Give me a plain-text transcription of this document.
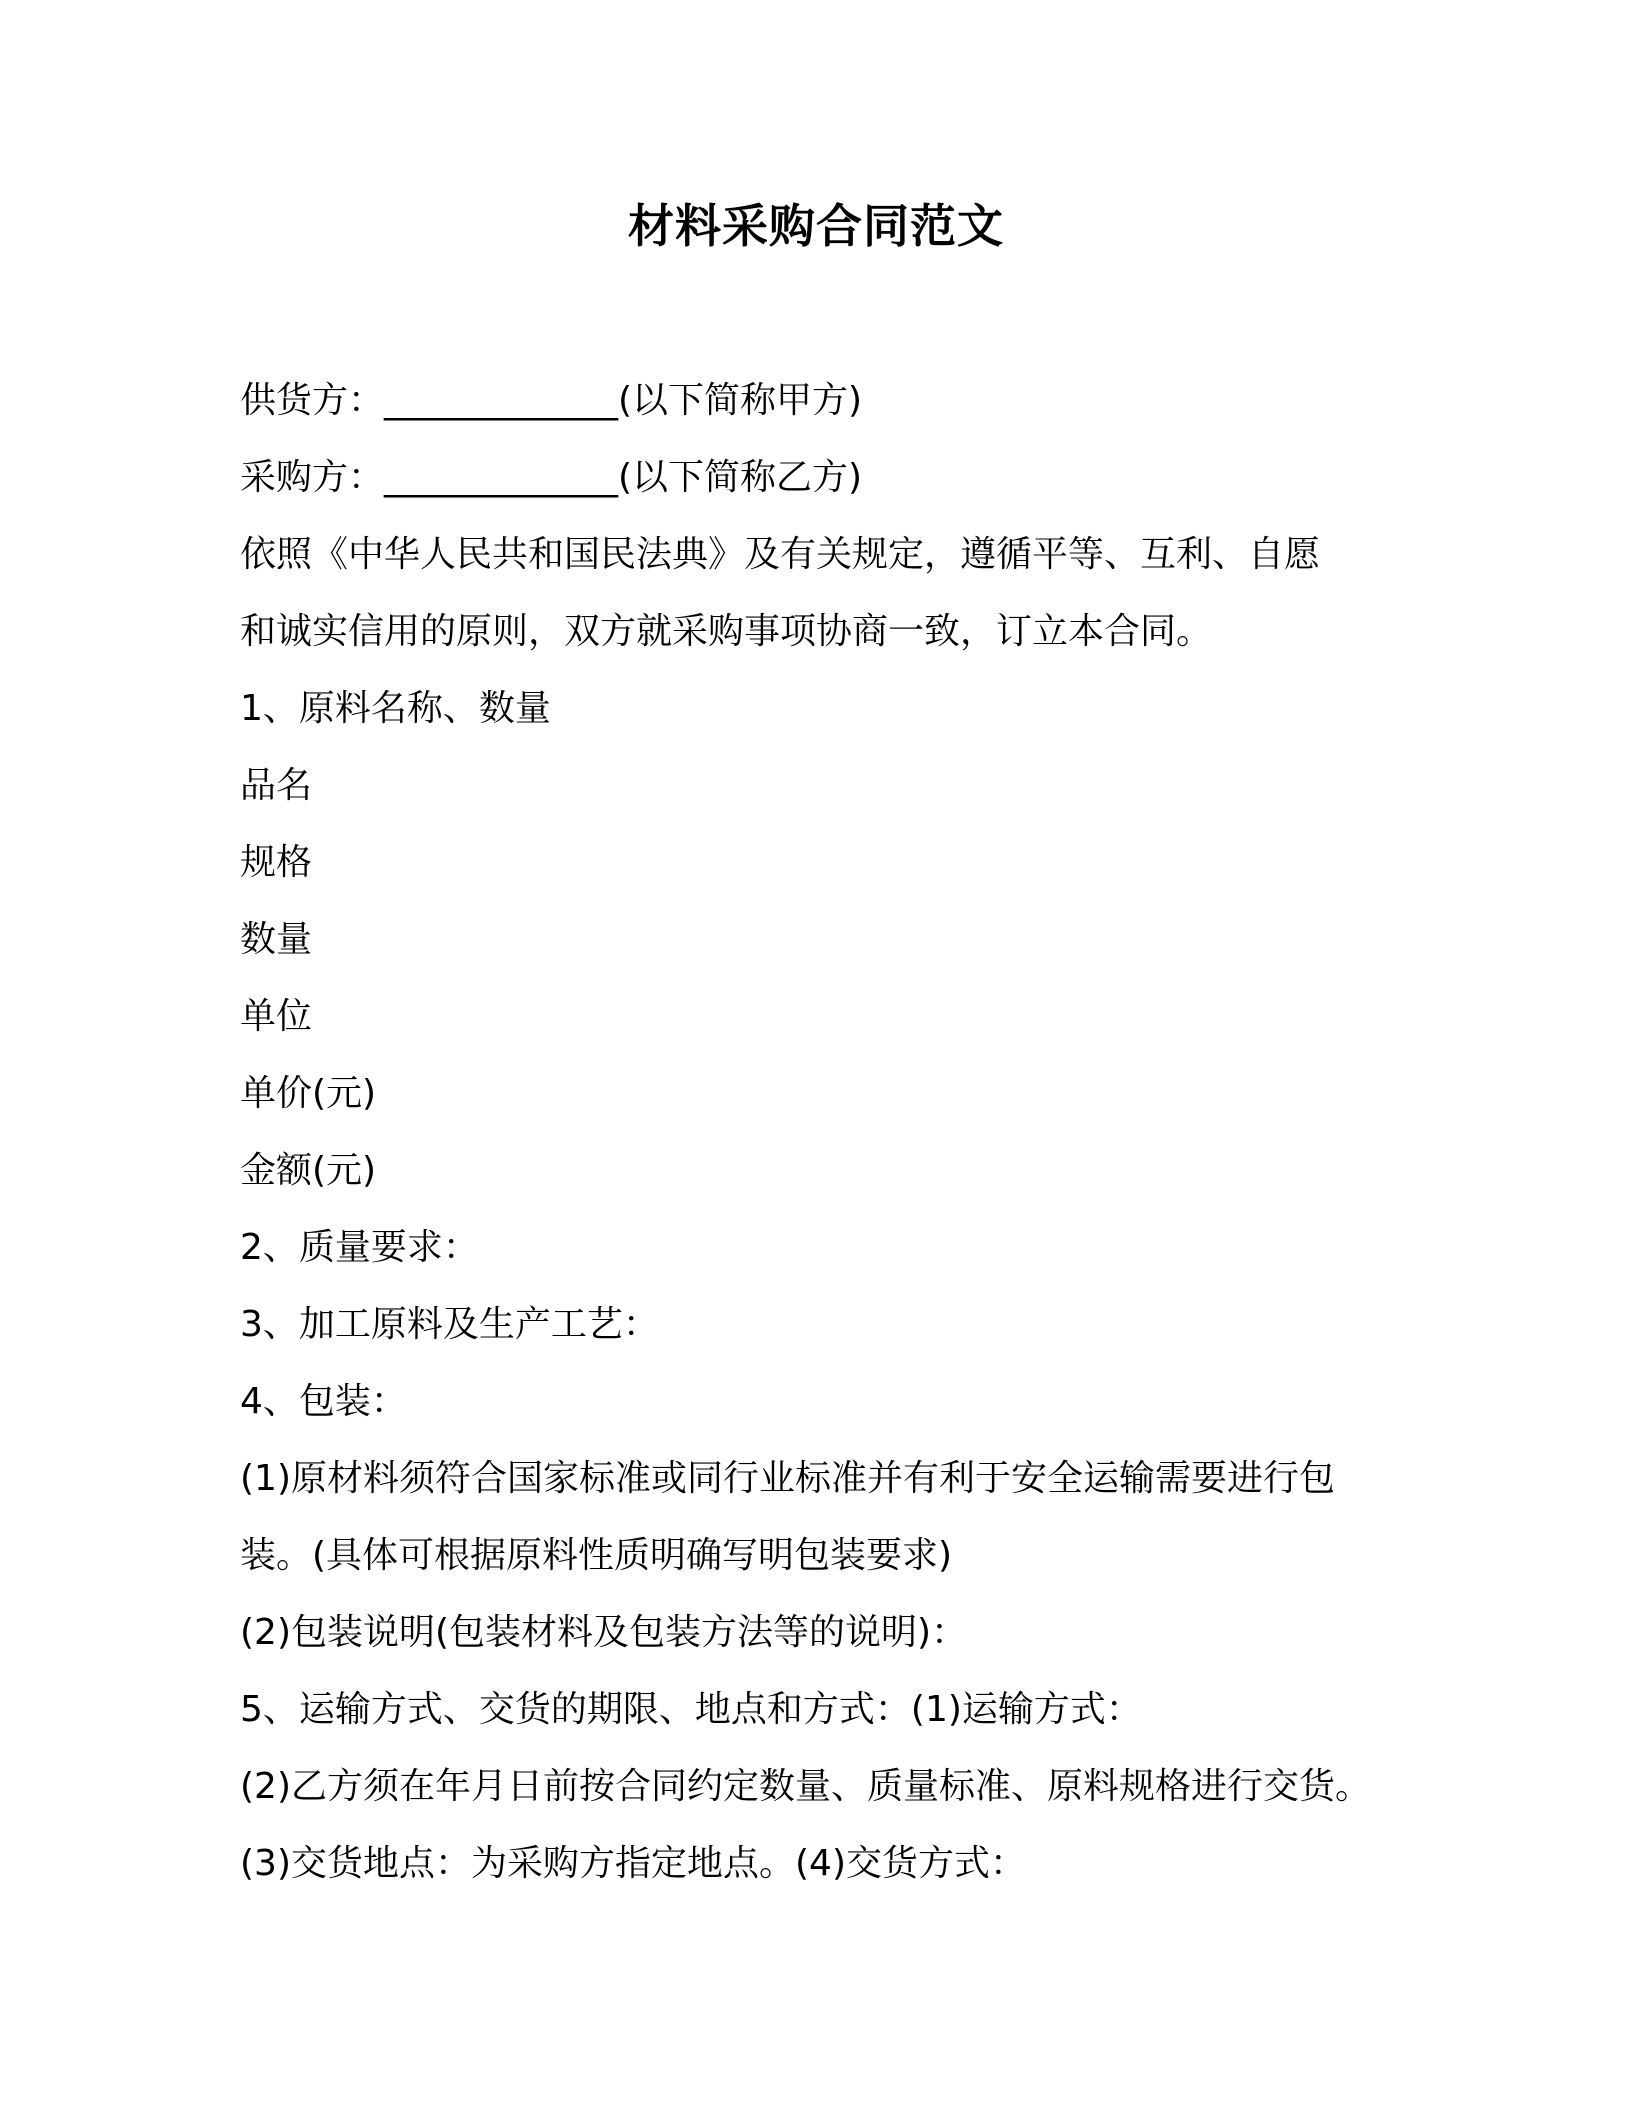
材料采购合同范文
供货方：_____________(以下简称甲方)
采购方：_____________(以下简称乙方)
依照《中华人民共和国民法典》及有关规定，遵循平等、互利、自愿
和诚实信用的原则，双方就采购事项协商一致，订立本合同。
1、原料名称、数量
品名
规格
数量
单位
单价(元)
金额(元)
2、质量要求：
3、加工原料及生产工艺：
4、包装：
(1)原材料须符合国家标准或同行业标准并有利于安全运输需要进行包
装。(具体可根据原料性质明确写明包装要求)
(2)包装说明(包装材料及包装方法等的说明)：
5、运输方式、交货的期限、地点和方式：(1)运输方式：
(2)乙方须在年月日前按合同约定数量、质量标准、原料规格进行交货。
(3)交货地点：为采购方指定地点。(4)交货方式：
